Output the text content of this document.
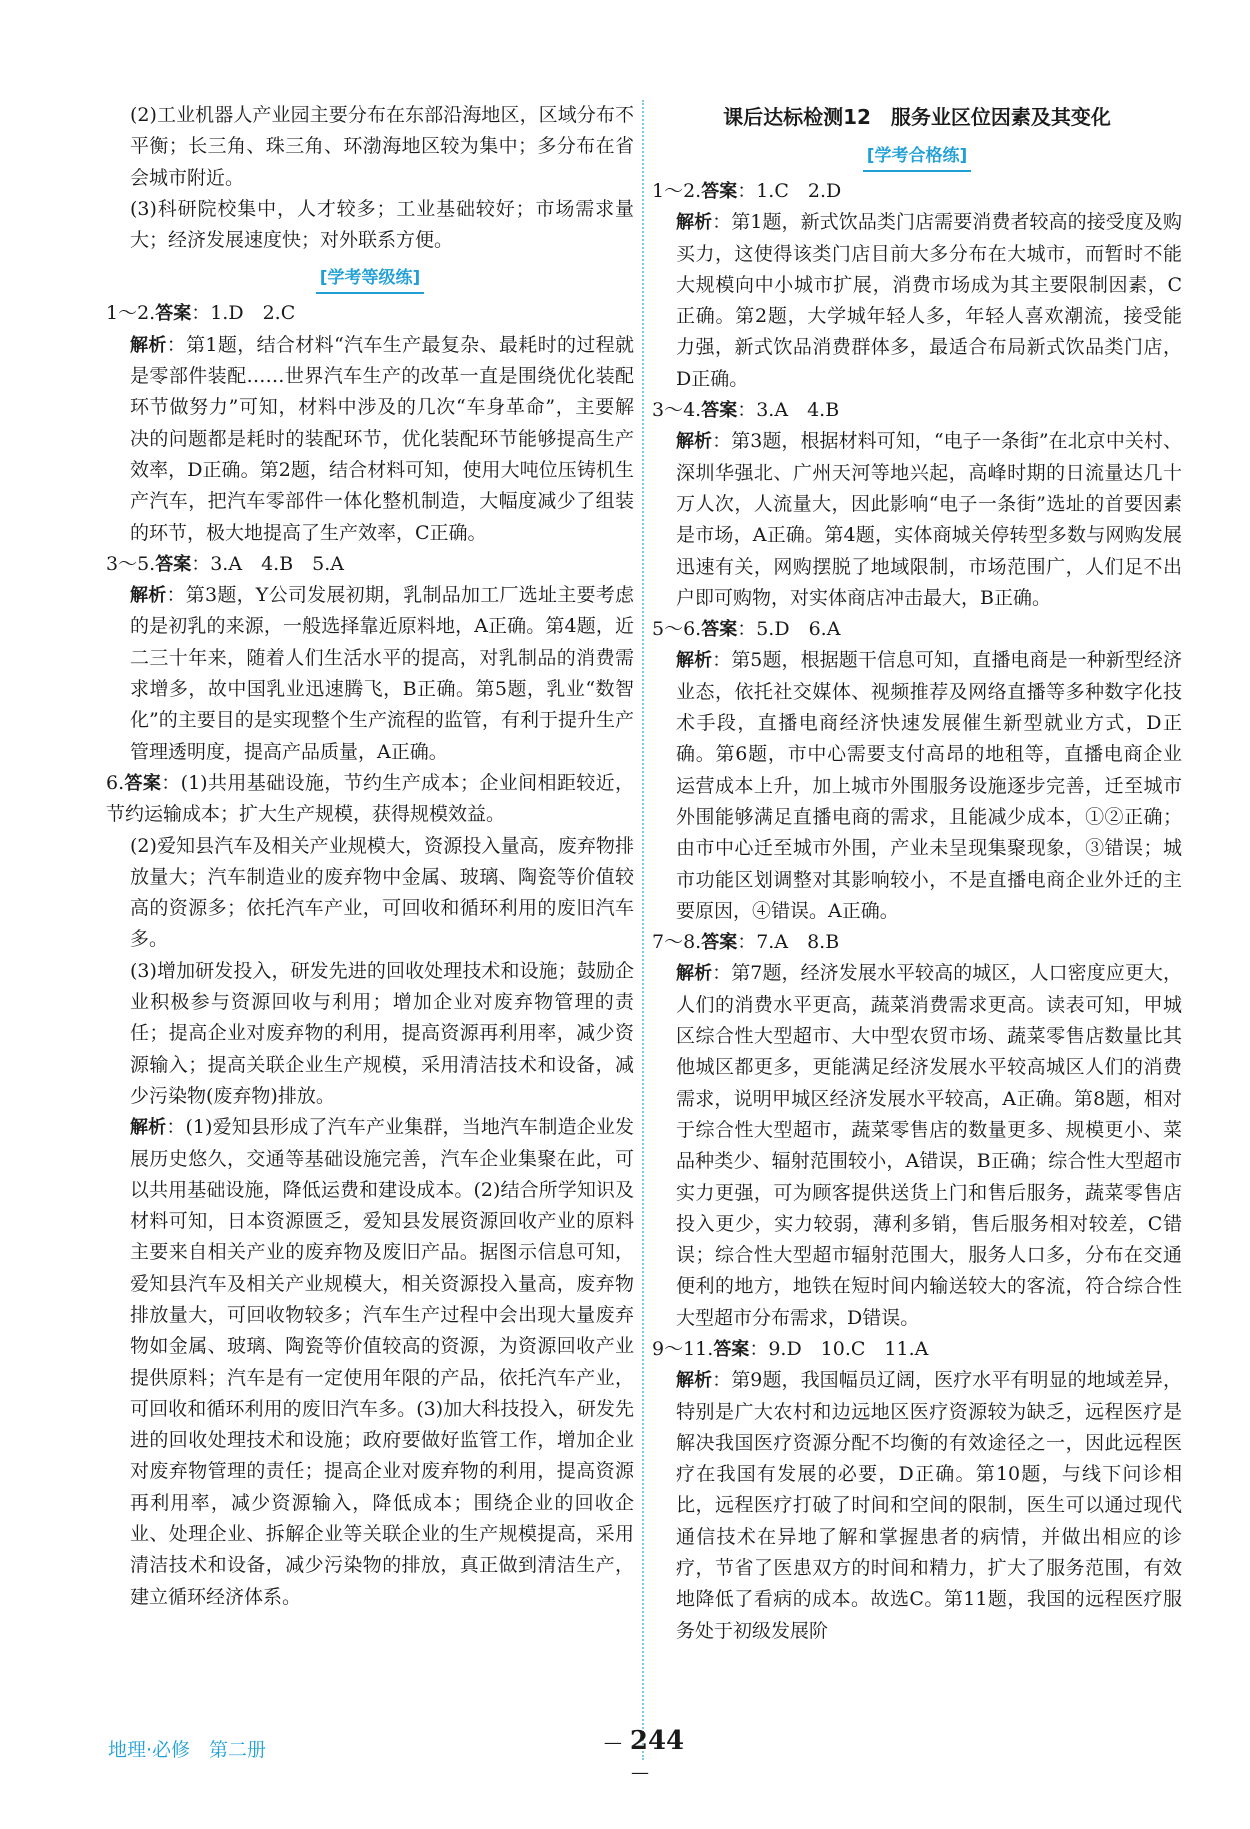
(2)工业机器人产业园主要分布在东部沿海地区，区域分布不平衡；长三角、珠三角、环渤海地区较为集中；多分布在省会城市附近。

(3)科研院校集中，人才较多；工业基础较好；市场需求量大；经济发展速度快；对外联系方便。

[ 学考等级练 ]

1～2.答案：1.D　2.C

解析：第1题，结合材料“汽车生产最复杂、最耗时的过程就是零部件装配……世界汽车生产的改革一直是围绕优化装配环节做努力”可知，材料中涉及的几次“车身革命”，主要解决的问题都是耗时的装配环节，优化装配环节能够提高生产效率，D正确。第2题，结合材料可知，使用大吨位压铸机生产汽车，把汽车零部件一体化整机制造，大幅度减少了组装的环节，极大地提高了生产效率，C正确。

3～5.答案：3.A　4.B　5.A

解析：第3题，Y公司发展初期，乳制品加工厂选址主要考虑的是初乳的来源，一般选择靠近原料地，A正确。第4题，近二三十年来，随着人们生活水平的提高，对乳制品的消费需求增多，故中国乳业迅速腾飞，B正确。第5题，乳业“数智化”的主要目的是实现整个生产流程的监管，有利于提升生产管理透明度，提高产品质量，A正确。

6.答案：(1)共用基础设施，节约生产成本；企业间相距较近，节约运输成本；扩大生产规模，获得规模效益。

(2)爱知县汽车及相关产业规模大，资源投入量高，废弃物排放量大；汽车制造业的废弃物中金属、玻璃、陶瓷等价值较高的资源多；依托汽车产业，可回收和循环利用的废旧汽车多。

(3)增加研发投入，研发先进的回收处理技术和设施；鼓励企业积极参与资源回收与利用；增加企业对废弃物管理的责任；提高企业对废弃物的利用，提高资源再利用率，减少资源输入；提高关联企业生产规模，采用清洁技术和设备，减少污染物(废弃物)排放。

解析：(1)爱知县形成了汽车产业集群，当地汽车制造企业发展历史悠久，交通等基础设施完善，汽车企业集聚在此，可以共用基础设施，降低运费和建设成本。(2)结合所学知识及材料可知，日本资源匮乏，爱知县发展资源回收产业的原料主要来自相关产业的废弃物及废旧产品。据图示信息可知，爱知县汽车及相关产业规模大，相关资源投入量高，废弃物排放量大，可回收物较多；汽车生产过程中会出现大量废弃物如金属、玻璃、陶瓷等价值较高的资源，为资源回收产业提供原料；汽车是有一定使用年限的产品，依托汽车产业，可回收和循环利用的废旧汽车多。(3)加大科技投入，研发先进的回收处理技术和设施；政府要做好监管工作，增加企业对废弃物管理的责任；提高企业对废弃物的利用，提高资源再利用率，减少资源输入，降低成本；围绕企业的回收企业、处理企业、拆解企业等关联企业的生产规模提高，采用清洁技术和设备，减少污染物的排放，真正做到清洁生产，建立循环经济体系。

课后达标检测12　服务业区位因素及其变化
[ 学考合格练 ]

1～2.答案：1.C　2.D

解析：第1题，新式饮品类门店需要消费者较高的接受度及购买力，这使得该类门店目前大多分布在大城市，而暂时不能大规模向中小城市扩展，消费市场成为其主要限制因素，C正确。第2题，大学城年轻人多，年轻人喜欢潮流，接受能力强，新式饮品消费群体多，最适合布局新式饮品类门店，D正确。

3～4.答案：3.A　4.B

解析：第3题，根据材料可知，“电子一条街”在北京中关村、深圳华强北、广州天河等地兴起，高峰时期的日流量达几十万人次，人流量大，因此影响“电子一条街”选址的首要因素是市场，A正确。第4题，实体商城关停转型多数与网购发展迅速有关，网购摆脱了地域限制，市场范围广，人们足不出户即可购物，对实体商店冲击最大，B正确。

5～6.答案：5.D　6.A

解析：第5题，根据题干信息可知，直播电商是一种新型经济业态，依托社交媒体、视频推荐及网络直播等多种数字化技术手段，直播电商经济快速发展催生新型就业方式，D正确。第6题，市中心需要支付高昂的地租等，直播电商企业运营成本上升，加上城市外围服务设施逐步完善，迁至城市外围能够满足直播电商的需求，且能减少成本，①②正确；由市中心迁至城市外围，产业未呈现集聚现象，③错误；城市功能区划调整对其影响较小，不是直播电商企业外迁的主要原因，④错误。A正确。

7～8.答案：7.A　8.B

解析：第7题，经济发展水平较高的城区，人口密度应更大，人们的消费水平更高，蔬菜消费需求更高。读表可知，甲城区综合性大型超市、大中型农贸市场、蔬菜零售店数量比其他城区都更多，更能满足经济发展水平较高城区人们的消费需求，说明甲城区经济发展水平较高，A正确。第8题，相对于综合性大型超市，蔬菜零售店的数量更多、规模更小、菜品种类少、辐射范围较小，A错误，B正确；综合性大型超市实力更强，可为顾客提供送货上门和售后服务，蔬菜零售店投入更少，实力较弱，薄利多销，售后服务相对较差，C错误；综合性大型超市辐射范围大，服务人口多，分布在交通便利的地方，地铁在短时间内输送较大的客流，符合综合性大型超市分布需求，D错误。

9～11.答案：9.D　10.C　11.A

解析：第9题，我国幅员辽阔，医疗水平有明显的地域差异，特别是广大农村和边远地区医疗资源较为缺乏，远程医疗是解决我国医疗资源分配不均衡的有效途径之一，因此远程医疗在我国有发展的必要，D正确。第10题，与线下问诊相比，远程医疗打破了时间和空间的限制，医生可以通过现代通信技术在异地了解和掌握患者的病情，并做出相应的诊疗，节省了医患双方的时间和精力，扩大了服务范围，有效地降低了看病的成本。故选C。第11题，我国的远程医疗服务处于初级发展阶

地理·必修　第二册
—	244 —
